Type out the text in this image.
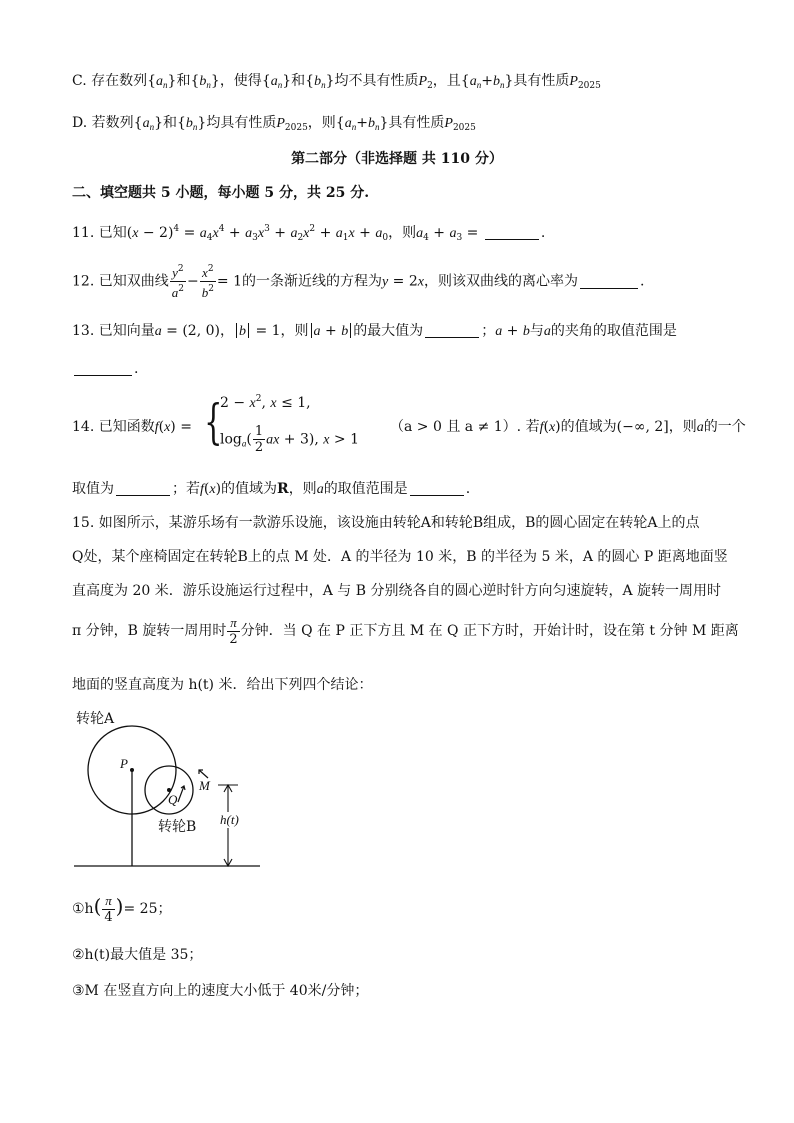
C. 存在数列$\{a_n\}$和$\{b_n\}$，使得$\{a_n\}$和$\{b_n\}$均不具有性质$P_2$，且$\{a_n+b_n\}$具有性质$P_{2025}$
D. 若数列$\{a_n\}$和$\{b_n\}$均具有性质$P_{2025}$，则$\{a_n+b_n\}$具有性质$P_{2025}$
第二部分（非选择题 共 110 分）
二、填空题共 5 小题，每小题 5 分，共 25 分.
11. 已知$(x - 2)^4 = a_4x^4 + a_3x^3 + a_2x^2 + a_1x + a_0$，则$a_4 + a_3$ =	.
12. 已知双曲线 $\frac{y^2}{a^2} - \frac{x^2}{b^2} = 1$的一条渐近线的方程为y = 2x，则该双曲线的离心率为	.
13. 已知向量a = (2, 0)， b = 1，则 a + b 的最大值为	；a + b与a的夹角的取值范围是
.
14. 已知函数f(x) = {
$2 - x^2$, x ≤ 1,
$\log_a( \frac{1}{2}$ ax + 3), x > 1
（a > 0 且 a ≠ 1）. 若f(x)的值域为(−∞, 2]，则a的一个
取值为	；若f(x)的值域为R，则a的取值范围是	.
15. 如图所示，某游乐场有一款游乐设施，该设施由转轮A和转轮B组成，B的圆心固定在转轮A上的点
Q处，某个座椅固定在转轮B上的点 M 处．A 的半径为 10 米，B 的半径为 5 米，A 的圆心 P 距离地面竖
直高度为 20 米．游乐设施运行过程中，A 与 B 分别绕各自的圆心逆时针方向匀速旋转，A 旋转一周用时
π 分钟，B 旋转一周用时 $\frac{\pi}{2}$ 分钟．当 Q 在 P 正下方且 M 在 Q 正下方时，开始计时，设在第 t 分钟 M 距离
地面的竖直高度为 h(t) 米．给出下列四个结论：
转轮A
P
Q
M
h(t)
转轮B
①h( $\frac{\pi}{4}$ )= 25；
②h(t)最大值是 35；
③M 在竖直方向上的速度大小低于 40米/分钟；
